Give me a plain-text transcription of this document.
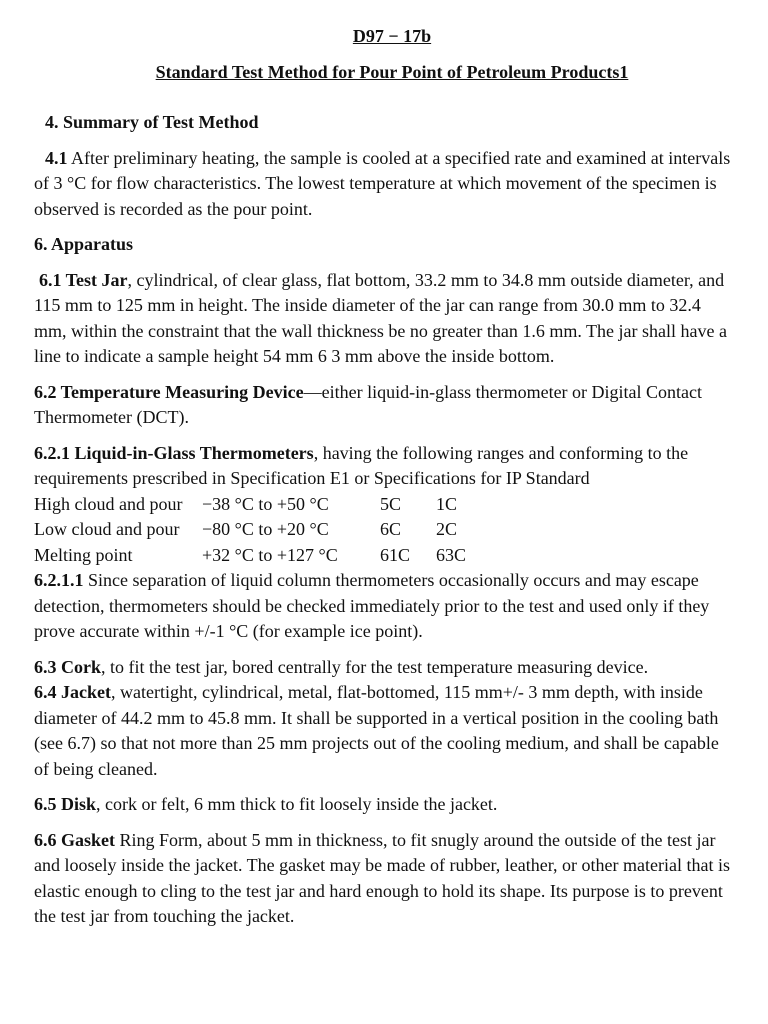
D97 − 17b
Standard Test Method for Pour Point of Petroleum Products1
4. Summary of Test Method

4.1 After preliminary heating, the sample is cooled at a specified rate and examined at intervals of 3 °C for flow characteristics. The lowest temperature at which movement of the specimen is observed is recorded as the pour point.

6. Apparatus

6.1 Test Jar, cylindrical, of clear glass, flat bottom, 33.2 mm to 34.8 mm outside diameter, and 115 mm to 125 mm in height. The inside diameter of the jar can range from 30.0 mm to 32.4 mm, within the constraint that the wall thickness be no greater than 1.6 mm. The jar shall have a line to indicate a sample height 54 mm 6 3 mm above the inside bottom.

6.2 Temperature Measuring Device—either liquid-in-glass thermometer or Digital Contact Thermometer (DCT).

6.2.1 Liquid-in-Glass Thermometers, having the following ranges and conforming to the requirements prescribed in Specification E1 or Specifications for IP Standard

High cloud and pour	−38 °C to +50 °C	5C	1C
Low cloud and pour	−80 °C to +20 °C	6C	2C
Melting point	+32 °C to +127 °C	61C	63C

6.2.1.1 Since separation of liquid column thermometers occasionally occurs and may escape detection, thermometers should be checked immediately prior to the test and used only if they prove accurate within +/-1 °C (for example ice point).

6.3 Cork, to fit the test jar, bored centrally for the test temperature measuring device.

6.4 Jacket, watertight, cylindrical, metal, flat-bottomed, 115 mm+/- 3 mm depth, with inside diameter of 44.2 mm to 45.8 mm. It shall be supported in a vertical position in the cooling bath (see 6.7) so that not more than 25 mm projects out of the cooling medium, and shall be capable of being cleaned.

6.5 Disk, cork or felt, 6 mm thick to fit loosely inside the jacket.

6.6 Gasket Ring Form, about 5 mm in thickness, to fit snugly around the outside of the test jar and loosely inside the jacket. The gasket may be made of rubber, leather, or other material that is elastic enough to cling to the test jar and hard enough to hold its shape. Its purpose is to prevent the test jar from touching the jacket.
